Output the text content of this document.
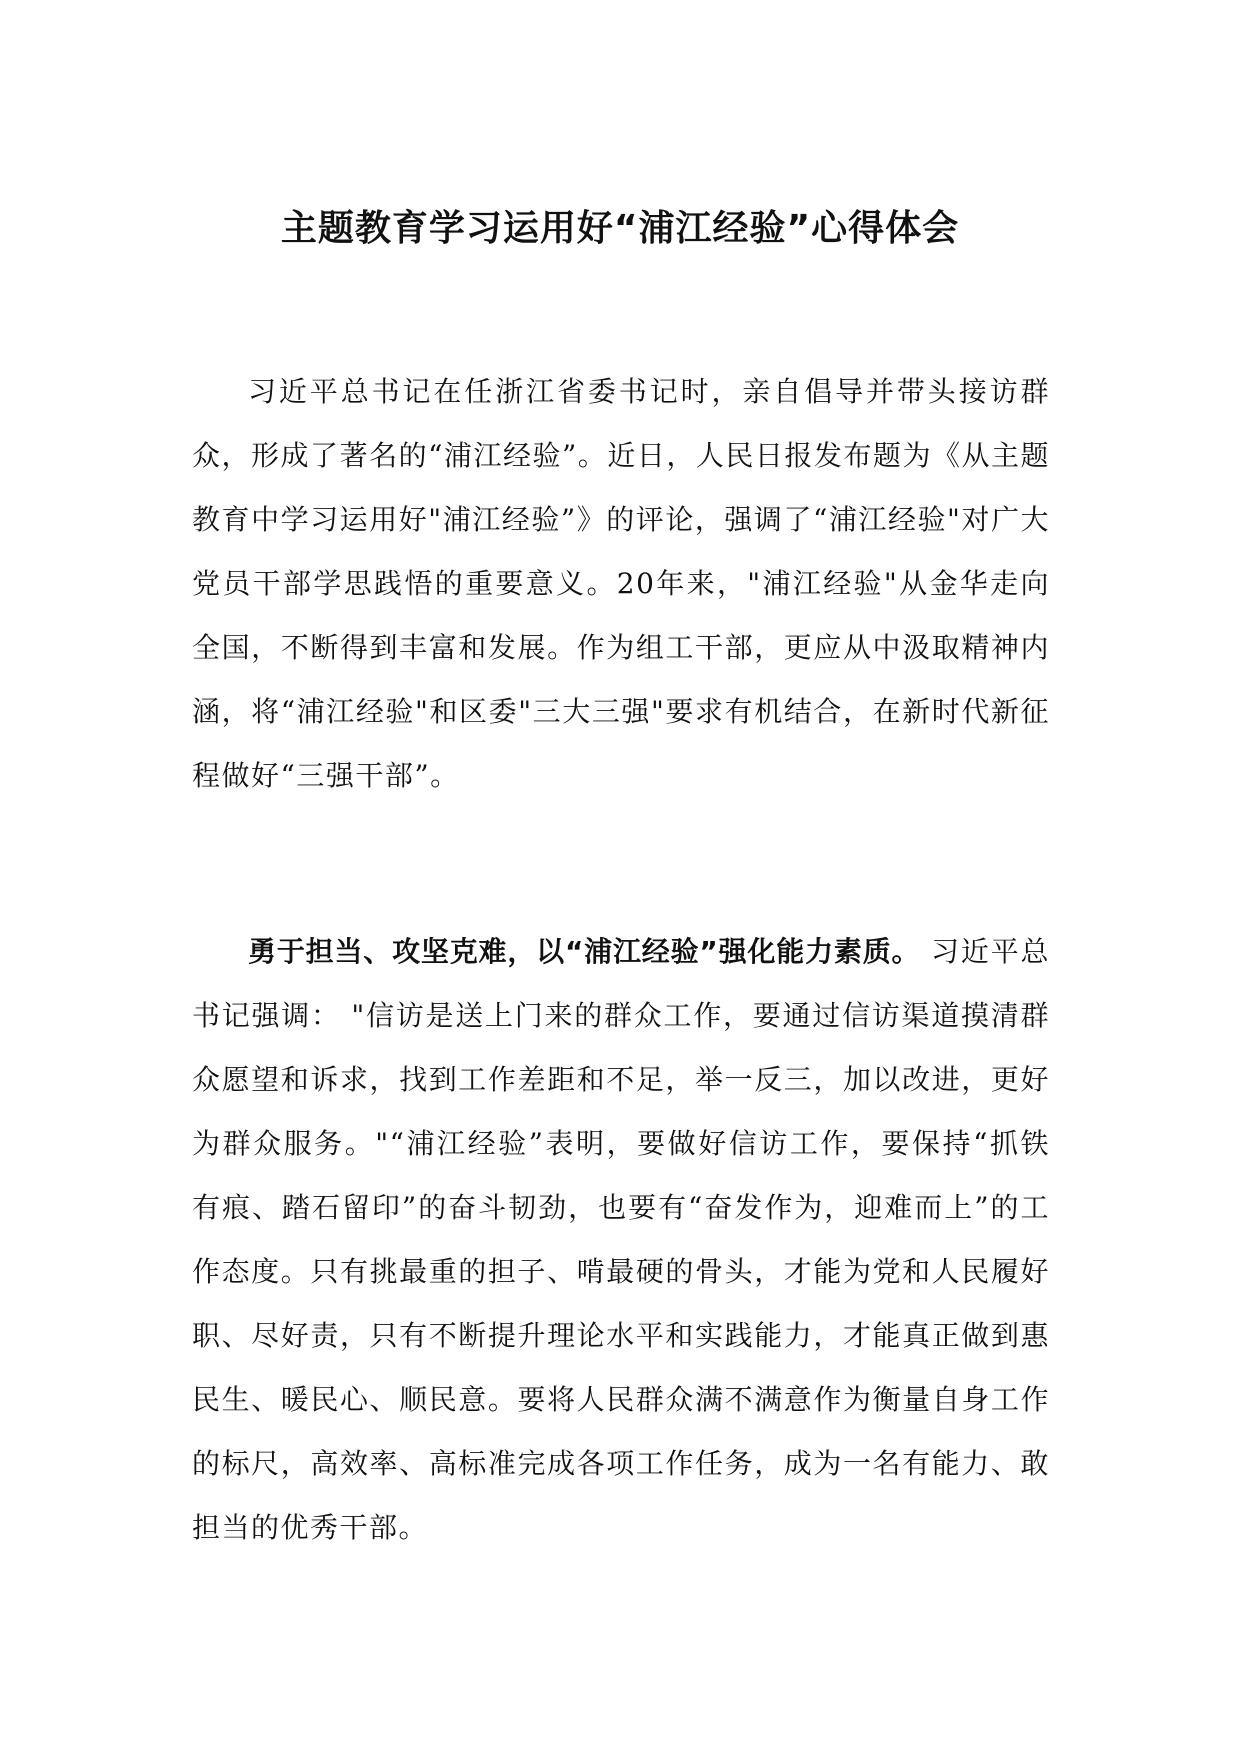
主题教育学习运用好“浦江经验”心得体会

习近平总书记在任浙江省委书记时，亲自倡导并带头接访群众，形成了著名的“浦江经验”。近日，人民日报发布题为《从主题教育中学习运用好"浦江经验”》的评论，强调了“浦江经验"对广大党员干部学思践悟的重要意义。20年来，"浦江经验"从金华走向全国，不断得到丰富和发展。作为组工干部，更应从中汲取精神内涵，将“浦江经验"和区委"三大三强"要求有机结合，在新时代新征程做好“三强干部”。

勇于担当、攻坚克难，以“浦江经验”强化能力素质。 习近平总书记强调： "信访是送上门来的群众工作，要通过信访渠道摸清群众愿望和诉求，找到工作差距和不足，举一反三，加以改进，更好为群众服务。"“浦江经验”表明，要做好信访工作，要保持“抓铁有痕、踏石留印”的奋斗韧劲，也要有“奋发作为，迎难而上”的工作态度。只有挑最重的担子、啃最硬的骨头，才能为党和人民履好职、尽好责，只有不断提升理论水平和实践能力，才能真正做到惠民生、暖民心、顺民意。要将人民群众满不满意作为衡量自身工作的标尺，高效率、高标准完成各项工作任务，成为一名有能力、敢担当的优秀干部。
